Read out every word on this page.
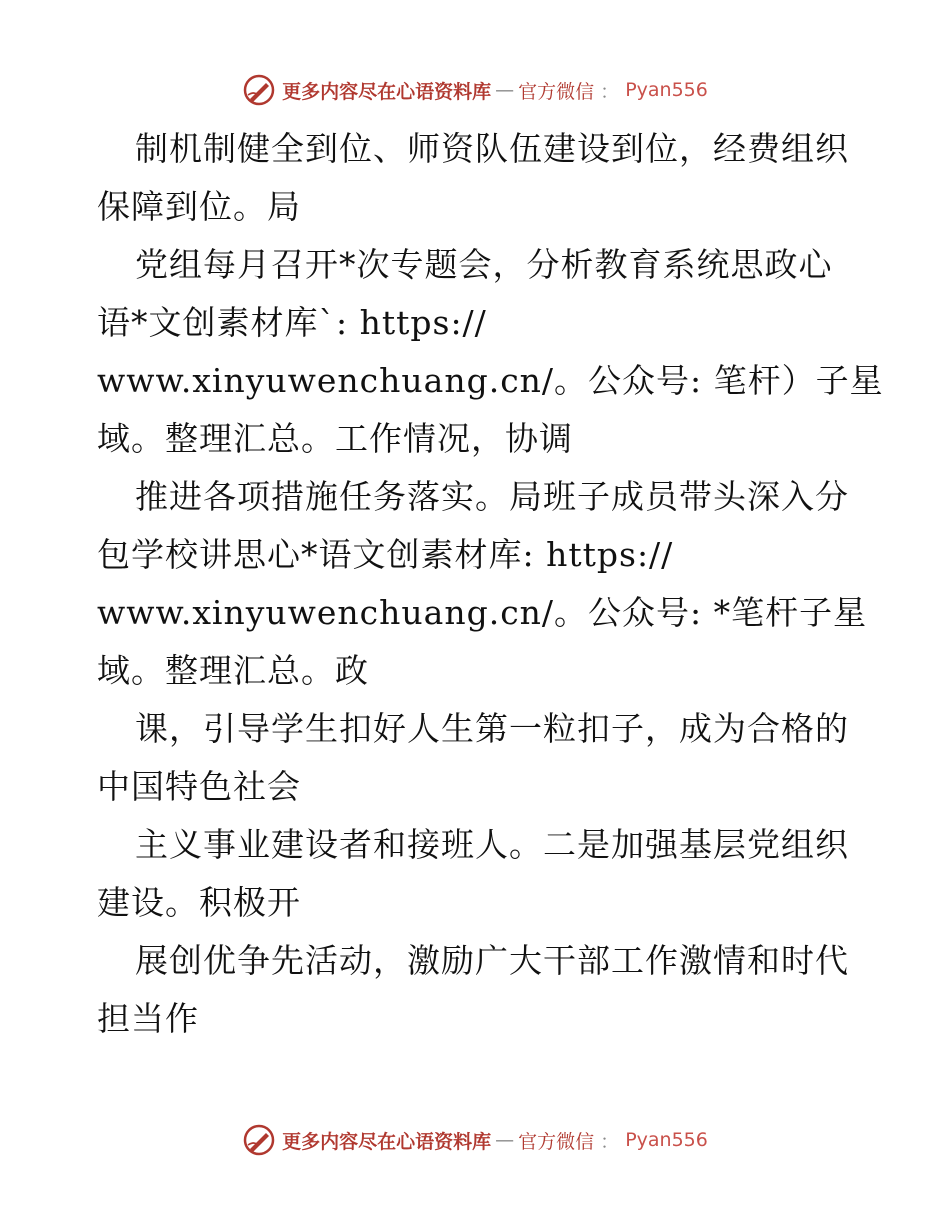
更多内容尽在心语资料库 — 官方微信 ： Pyan556
制机制健全到位、师资队伍建设到位，经费组织
保障到位。局
党组每月召开*次专题会，分析教育系统思政心
语*文创素材库`: https://
www.xinyuwenchuang.cn/。公众号: 笔杆）子星
域。整理汇总。工作情况，协调
推进各项措施任务落实。局班子成员带头深入分
包学校讲思心*语文创素材库: https://
www.xinyuwenchuang.cn/。公众号: *笔杆子星
域。整理汇总。政
课，引导学生扣好人生第一粒扣子，成为合格的
中国特色社会
主义事业建设者和接班人。二是加强基层党组织
建设。积极开
展创优争先活动，激励广大干部工作激情和时代
担当作
更多内容尽在心语资料库 — 官方微信 ： Pyan556
